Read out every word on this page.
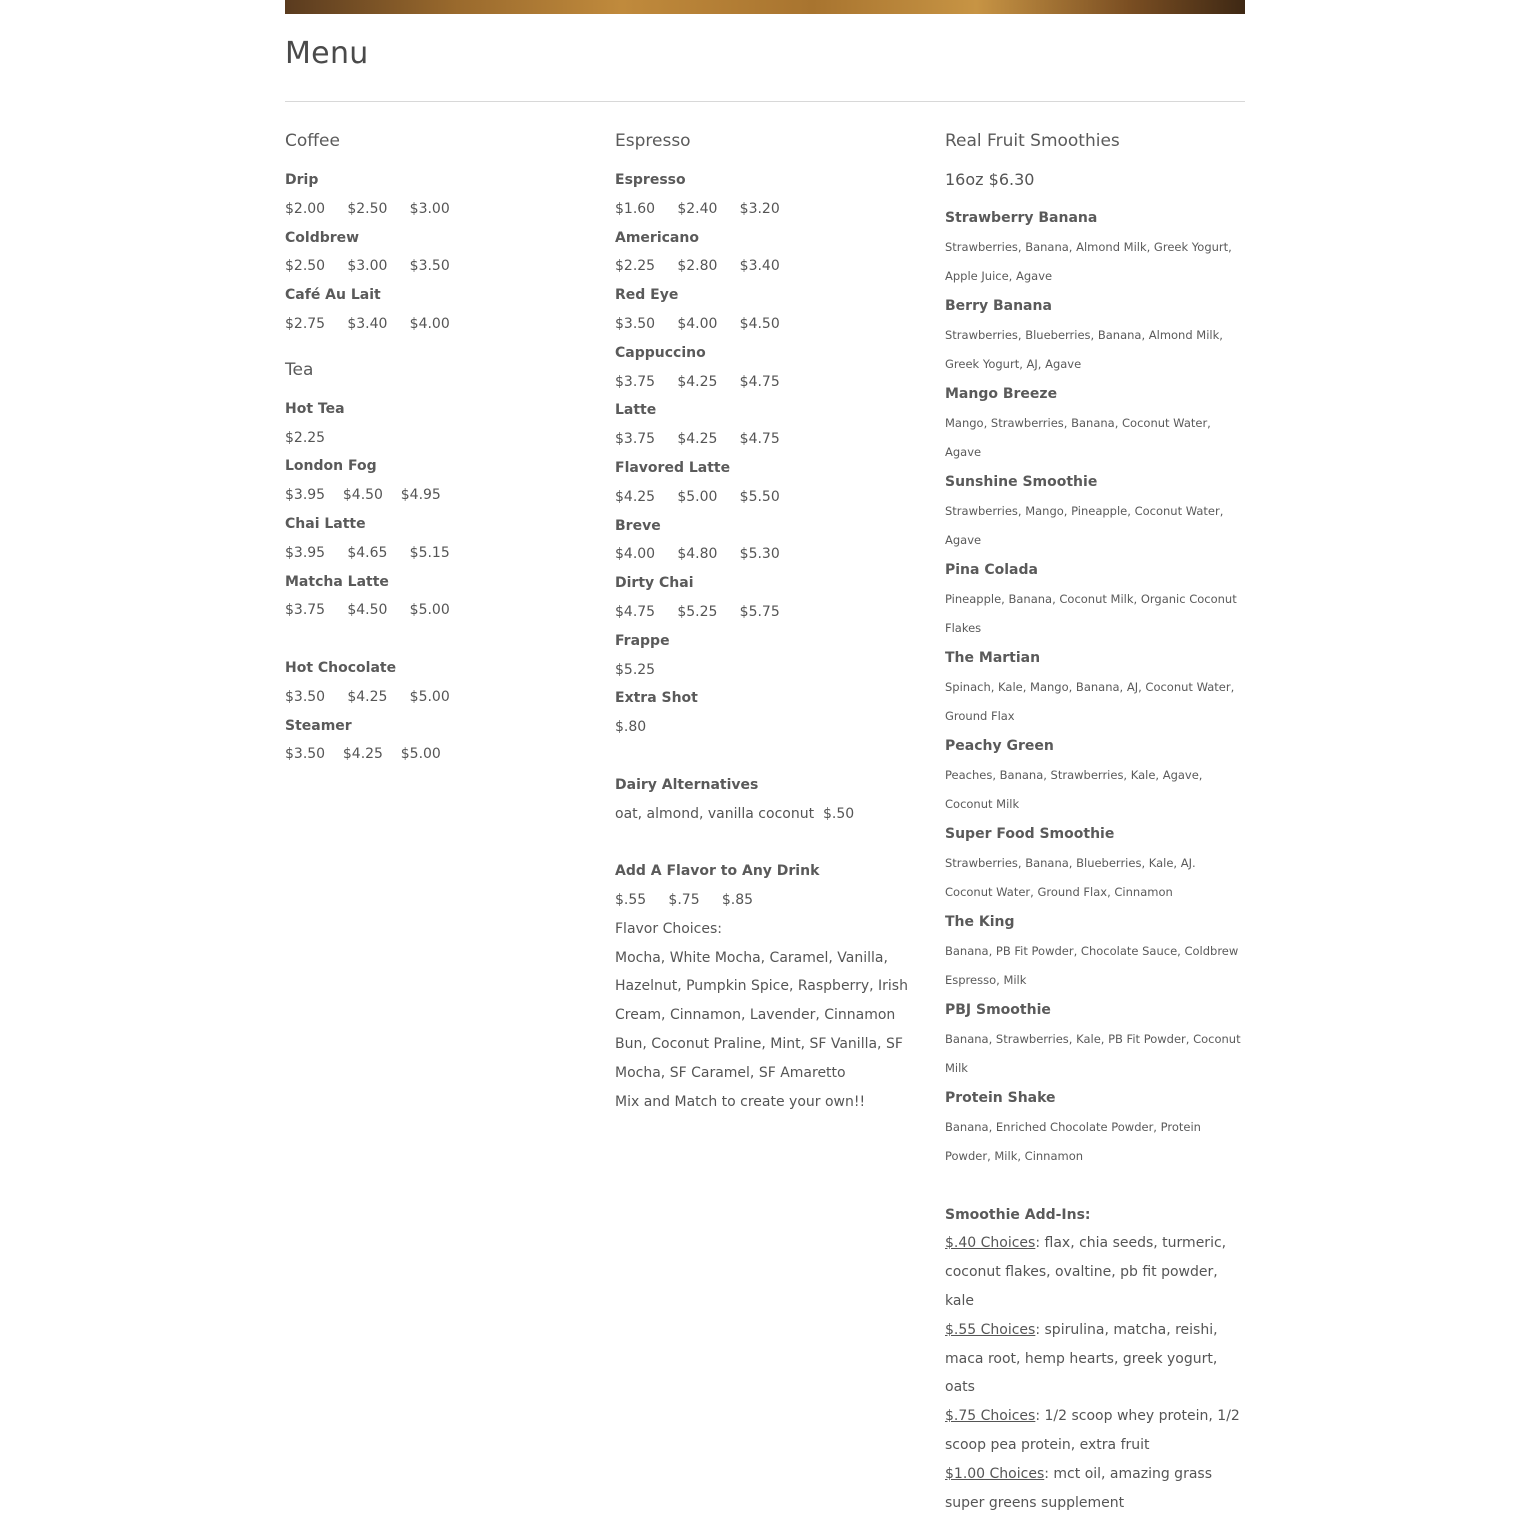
Menu
Coffee
Drip
$2.00     $2.50     $3.00
Coldbrew
$2.50     $3.00     $3.50
Café Au Lait
$2.75     $3.40     $4.00
Tea
Hot Tea
$2.25
London Fog
$3.95    $4.50    $4.95
Chai Latte
$3.95     $4.65     $5.15
Matcha Latte
$3.75     $4.50     $5.00
Hot Chocolate
$3.50     $4.25     $5.00
Steamer
$3.50    $4.25    $5.00
Espresso
Espresso
$1.60     $2.40     $3.20
Americano
$2.25     $2.80     $3.40
Red Eye
$3.50     $4.00     $4.50
Cappuccino
$3.75     $4.25     $4.75
Latte
$3.75     $4.25     $4.75
Flavored Latte
$4.25     $5.00     $5.50
Breve
$4.00     $4.80     $5.30
Dirty Chai
$4.75     $5.25     $5.75
Frappe
$5.25
Extra Shot
$.80
Dairy Alternatives
oat, almond, vanilla coconut  $.50
Add A Flavor to Any Drink
$.55     $.75     $.85
Flavor Choices:
Mocha, White Mocha, Caramel, Vanilla, Hazelnut, Pumpkin Spice, Raspberry, Irish Cream, Cinnamon, Lavender, Cinnamon Bun, Coconut Praline, Mint, SF Vanilla, SF Mocha, SF Caramel, SF Amaretto
Mix and Match to create your own!!
Real Fruit Smoothies
16oz $6.30
Strawberry Banana
Strawberries, Banana, Almond Milk, Greek Yogurt, Apple Juice, Agave
Berry Banana
Strawberries, Blueberries, Banana, Almond Milk, Greek Yogurt, AJ, Agave
Mango Breeze
Mango, Strawberries, Banana, Coconut Water, Agave
Sunshine Smoothie
Strawberries, Mango, Pineapple, Coconut Water, Agave
Pina Colada
Pineapple, Banana, Coconut Milk, Organic Coconut Flakes
The Martian
Spinach, Kale, Mango, Banana, AJ, Coconut Water, Ground Flax
Peachy Green
Peaches, Banana, Strawberries, Kale, Agave, Coconut Milk
Super Food Smoothie
Strawberries, Banana, Blueberries, Kale, AJ. Coconut Water, Ground Flax, Cinnamon
The King
Banana, PB Fit Powder, Chocolate Sauce, Coldbrew Espresso, Milk
PBJ Smoothie
Banana, Strawberries, Kale, PB Fit Powder, Coconut Milk
Protein Shake
Banana, Enriched Chocolate Powder, Protein Powder, Milk, Cinnamon
Smoothie Add-Ins:
$.40 Choices: flax, chia seeds, turmeric, coconut flakes, ovaltine, pb fit powder, kale
$.55 Choices: spirulina, matcha, reishi, maca root, hemp hearts, greek yogurt, oats
$.75 Choices: 1/2 scoop whey protein, 1/2 scoop pea protein, extra fruit
$1.00 Choices: mct oil, amazing grass super greens supplement
